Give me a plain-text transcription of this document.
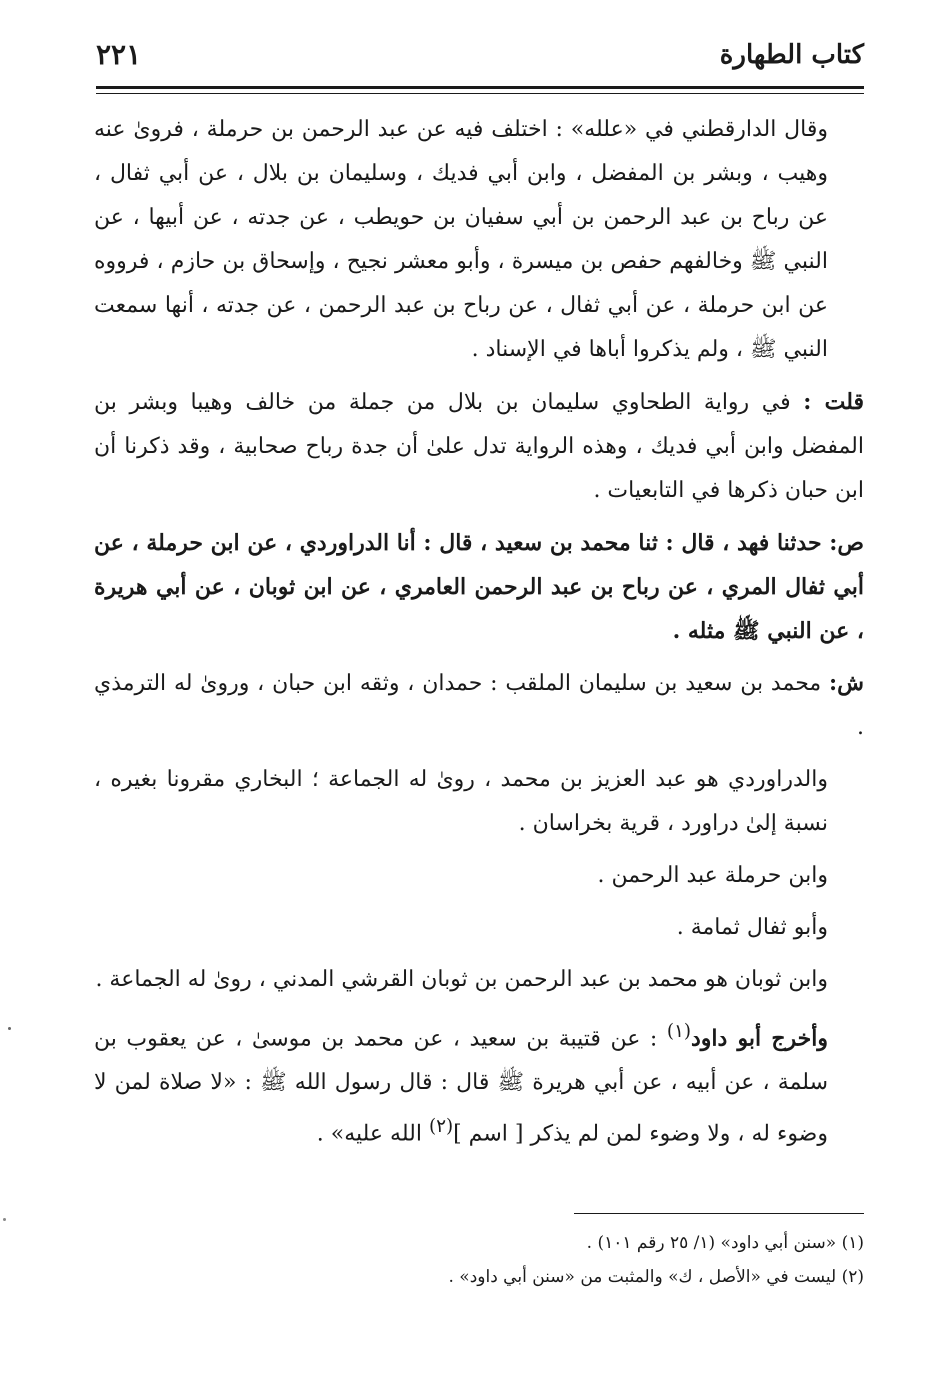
كتاب الطهارة
٢٢١

وقال الدارقطني في «علله» : اختلف فيه عن عبد الرحمن بن حرملة ، فروىٰ عنه وهيب ، وبشر بن المفضل ، وابن أبي فديك ، وسليمان بن بلال ، عن أبي ثفال ، عن رباح بن عبد الرحمن بن أبي سفيان بن حويطب ، عن جدته ، عن أبيها ، عن النبي ﷺ وخالفهم حفص بن ميسرة ، وأبو معشر نجيح ، وإسحاق بن حازم ، فرووه عن ابن حرملة ، عن أبي ثفال ، عن رباح بن عبد الرحمن ، عن جدته ، أنها سمعت النبي ﷺ ، ولم يذكروا أباها في الإسناد .

قلت : في رواية الطحاوي سليمان بن بلال من جملة من خالف وهيبا وبشر بن المفضل وابن أبي فديك ، وهذه الرواية تدل علىٰ أن جدة رباح صحابية ، وقد ذكرنا أن ابن حبان ذكرها في التابعيات .

ص: حدثنا فهد ، قال : ثنا محمد بن سعيد ، قال : أنا الدراوردي ، عن ابن حرملة ، عن أبي ثفال المري ، عن رباح بن عبد الرحمن العامري ، عن ابن ثوبان ، عن أبي هريرة ، عن النبي ﷺ مثله .

ش: محمد بن سعيد بن سليمان الملقب : حمدان ، وثقه ابن حبان ، وروىٰ له الترمذي .

والدراوردي هو عبد العزيز بن محمد ، روىٰ له الجماعة ؛ البخاري مقرونا بغيره ، نسبة إلىٰ دراورد ، قرية بخراسان .

وابن حرملة عبد الرحمن .

وأبو ثفال ثمامة .

وابن ثوبان هو محمد بن عبد الرحمن بن ثوبان القرشي المدني ، روىٰ له الجماعة .

وأخرج أبو داود$^{(١)}$ : عن قتيبة بن سعيد ، عن محمد بن موسىٰ ، عن يعقوب بن سلمة ، عن أبيه ، عن أبي هريرة ﷺ قال : قال رسول الله ﷺ : «لا صلاة لمن لا وضوء له ، ولا وضوء لمن لم يذكر [ اسم ]$^{(٢)}$ الله عليه» .

(١) «سنن أبي داود» (١/ ٢٥ رقم ١٠١) .
(٢) ليست في «الأصل ، ك» والمثبت من «سنن أبي داود» .
